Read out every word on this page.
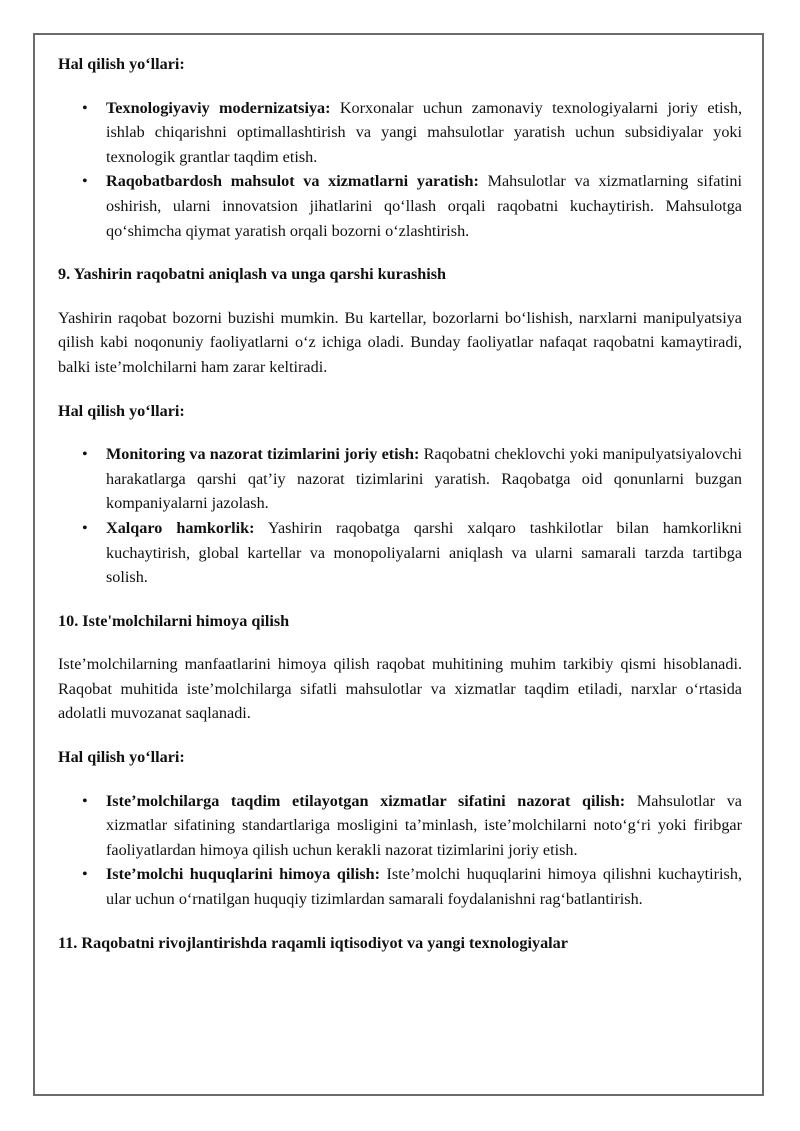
Hal qilish yo‘llari:
• Texnologiyaviy modernizatsiya: Korxonalar uchun zamonaviy texnologiyalarni joriy etish, ishlab chiqarishni optimallashtirish va yangi mahsulotlar yaratish uchun subsidiyalar yoki texnologik grantlar taqdim etish.
• Raqobatbardosh mahsulot va xizmatlarni yaratish: Mahsulotlar va xizmatlarning sifatini oshirish, ularni innovatsion jihatlarini qo‘llash orqali raqobatni kuchaytirish. Mahsulotga qo‘shimcha qiymat yaratish orqali bozorni o‘zlashtirish.
9. Yashirin raqobatni aniqlash va unga qarshi kurashish
Yashirin raqobat bozorni buzishi mumkin. Bu kartellar, bozorlarni bo‘lishish, narxlarni manipulyatsiya qilish kabi noqonuniy faoliyatlarni o‘z ichiga oladi. Bunday faoliyatlar nafaqat raqobatni kamaytiradi, balki iste’molchilarni ham zarar keltiradi.
Hal qilish yo‘llari:
• Monitoring va nazorat tizimlarini joriy etish: Raqobatni cheklovchi yoki manipulyatsiyalovchi harakatlarga qarshi qat’iy nazorat tizimlarini yaratish. Raqobatga oid qonunlarni buzgan kompaniyalarni jazolash.
• Xalqaro hamkorlik: Yashirin raqobatga qarshi xalqaro tashkilotlar bilan hamkorlikni kuchaytirish, global kartellar va monopoliyalarni aniqlash va ularni samarali tarzda tartibga solish.
10. Iste'molchilarni himoya qilish
Iste’molchilarning manfaatlarini himoya qilish raqobat muhitining muhim tarkibiy qismi hisoblanadi. Raqobat muhitida iste’molchilarga sifatli mahsulotlar va xizmatlar taqdim etiladi, narxlar o‘rtasida adolatli muvozanat saqlanadi.
Hal qilish yo‘llari:
• Iste’molchilarga taqdim etilayotgan xizmatlar sifatini nazorat qilish: Mahsulotlar va xizmatlar sifatining standartlariga mosligini ta’minlash, iste’molchilarni noto‘g‘ri yoki firibgar faoliyatlardan himoya qilish uchun kerakli nazorat tizimlarini joriy etish.
• Iste’molchi huquqlarini himoya qilish: Iste’molchi huquqlarini himoya qilishni kuchaytirish, ular uchun o‘rnatilgan huquqiy tizimlardan samarali foydalanishni rag‘batlantirish.
11. Raqobatni rivojlantirishda raqamli iqtisodiyot va yangi texnologiyalar
